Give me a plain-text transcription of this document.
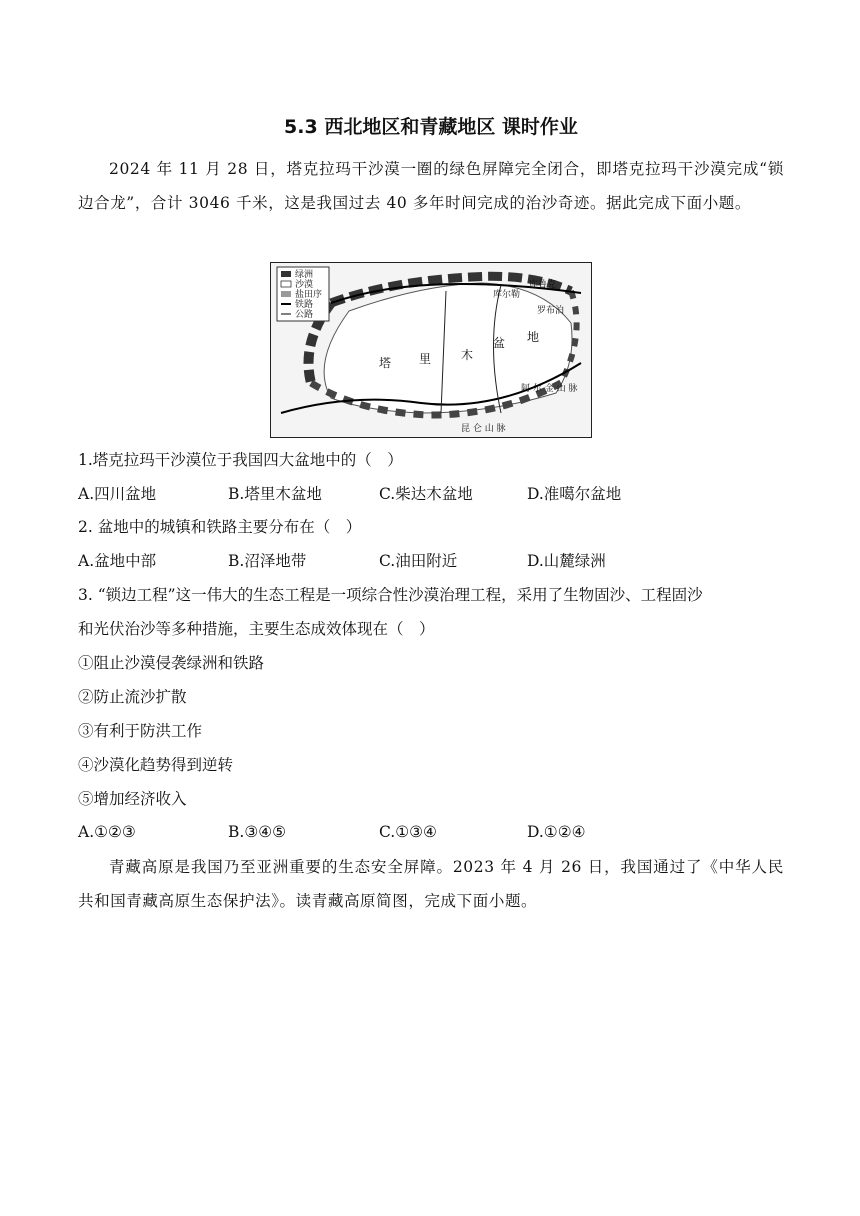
5.3 西北地区和青藏地区 课时作业
2024 年 11 月 28 日，塔克拉玛干沙漠一圈的绿色屏障完全闭合，即塔克拉玛干沙漠完成“锁边合龙”，合计 3046 千米，这是我国过去 40 多年时间完成的治沙奇迹。据此完成下面小题。
绿洲
沙漠
盐田序
铁路
公路
塔 里 木
盆 地
昆 仑 山 脉
阿 尔 金 山 脉
库鲁克
库尔勒
罗布泊
1.塔克拉玛干沙漠位于我国四大盆地中的（　）
A.四川盆地	B.塔里木盆地	C.柴达木盆地	D.准噶尔盆地
2. 盆地中的城镇和铁路主要分布在（　）
A.盆地中部	B.沼泽地带	C.油田附近	D.山麓绿洲
3. “锁边工程”这一伟大的生态工程是一项综合性沙漠治理工程，采用了生物固沙、工程固沙
和光伏治沙等多种措施，主要生态成效体现在（　）
①阻止沙漠侵袭绿洲和铁路
②防止流沙扩散
③有利于防洪工作
④沙漠化趋势得到逆转
⑤增加经济收入
A.①②③	B.③④⑤	C.①③④	D.①②④
青藏高原是我国乃至亚洲重要的生态安全屏障。2023 年 4 月 26 日，我国通过了《中华人民共和国青藏高原生态保护法》。读青藏高原简图，完成下面小题。
